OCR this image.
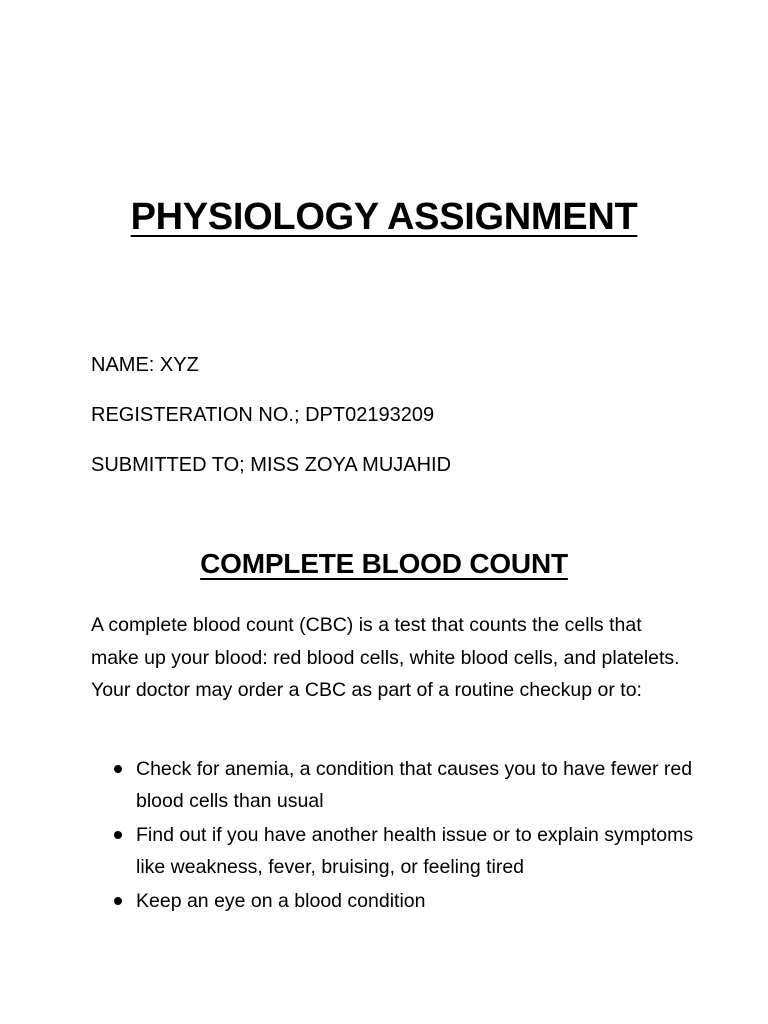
PHYSIOLOGY ASSIGNMENT

NAME: XYZ

REGISTERATION NO.; DPT02193209

SUBMITTED TO; MISS ZOYA MUJAHID

COMPLETE BLOOD COUNT

A complete blood count (CBC) is a test that counts the cells that make up your blood: red blood cells, white blood cells, and platelets. Your doctor may order a CBC as part of a routine checkup or to:

Check for anemia, a condition that causes you to have fewer red blood cells than usual
Find out if you have another health issue or to explain symptoms like weakness, fever, bruising, or feeling tired
Keep an eye on a blood condition
